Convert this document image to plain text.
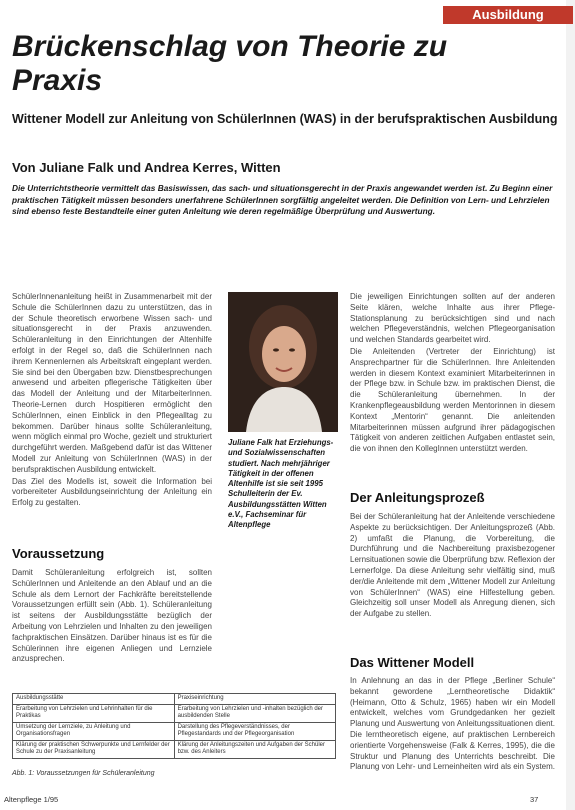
Ausbildung
Brückenschlag von Theorie zu Praxis

Wittener Modell zur Anleitung von SchülerInnen (WAS) in der berufspraktischen Ausbildung

Von Juliane Falk und Andrea Kerres, Witten

Die Unterrichtstheorie vermittelt das Basiswissen, das sach- und situationsgerecht in der Praxis angewandet werden ist. Zu Beginn einer praktischen Tätigkeit müssen besonders unerfahrene SchülerInnen sorgfältig angeleitet werden. Die Definition von Lern- und Lehrzielen sind ebenso feste Bestandteile einer guten Anleitung wie deren regelmäßige Überprüfung und Auswertung.

SchülerInnenanleitung heißt in Zusammenarbeit mit der Schule die SchülerInnen dazu zu unterstützen, das in der Schule theoretisch erworbene Wissen sach- und situationsgerecht in der Praxis anzuwenden. Schüleranleitung in den Einrichtungen der Altenhilfe erfolgt in der Regel so, daß die SchülerInnen nach ihrem Kennenlernen als Arbeitskraft eingeplant werden. Sie sind bei den Übergaben bzw. Dienstbesprechungen anwesend und arbeiten pflegerische Tätigkeiten über das Modell der Anleitung und der MitarbeiterInnen. Theorie-Lernen durch Hospitieren ermöglicht den SchülerInnen, einen Einblick in den Pflegealltag zu bekommen. Darüber hinaus sollte Schüleranleitung, wenn möglich einmal pro Woche, gezielt und strukturiert durchgeführt werden. Maßgebend dafür ist das Wittener Modell zur Anleitung von SchülerInnen (WAS) in der berufspraktischen Ausbildung entwickelt.

Das Ziel des Modells ist, soweit die Information bei vorbereiteter Ausbildungseinrichtung der Anleitung ein Erfolg zu gestalten.

Voraussetzung

Damit Schüleranleitung erfolgreich ist, sollten SchülerInnen und Anleitende an den Ablauf und an die Schule als dem Lernort der Fachkräfte bereitstellende Voraussetzungen erfüllt sein (Abb. 1). Schüleranleitung ist seitens der Ausbildungsstätte bezüglich der Arbeitung von Lehrzielen und Inhalten zu den jeweiligen fachpraktischen Einsätzen. Darüber hinaus ist es für die Schülerinnen ihre eigenen Anliegen und Lernziele anzusprechen.

Juliane Falk hat Erziehungs- und Sozialwissenschaften studiert. Nach mehrjähriger Tätigkeit in der offenen Altenhilfe ist sie seit 1995 Schulleiterin der Ev. Ausbildungsstätten Witten e.V., Fachseminar für Altenpflege

Die jeweiligen Einrichtungen sollten auf der anderen Seite klären, welche Inhalte aus ihrer Pflege-Stationsplanung zu berücksichtigen sind und nach welchen Pflegeverständnis, welchen Pflegeorganisation und welchen Standards gearbeitet wird.

Die Anleitenden (Vertreter der Einrichtung) ist Ansprechpartner für die SchülerInnen. Ihre Anleitenden werden in diesem Kontext examiniert Mitarbeiterinnen in der Pflege bzw. in Schule bzw. im praktischen Dienst, die die Schüleranleitung übernehmen. In der Krankenpflegeausbildung werden Mentorinnen in diesem Kontext „Mentorin“ genannt. Die anleitenden Mitarbeiterinnen müssen aufgrund ihrer pädagogischen Tätigkeit von anderen zeitlichen Aufgaben entlastet sein, die von ihnen den KollegInnen unterstützt werden.

Der Anleitungsprozeß

Bei der Schüleranleitung hat der Anleitende verschiedene Aspekte zu berücksichtigen. Der Anleitungsprozeß (Abb. 2) umfaßt die Planung, die Vorbereitung, die Durchführung und die Nachbereitung praxisbezogener Lernsituationen sowie die Überprüfung bzw. Reflexion der Lernerfolge. Da diese Anleitung sehr vielfältig sind, muß der/die Anleitende mit dem „Wittener Modell zur Anleitung von SchülerInnen“ (WAS) eine Hilfestellung geben. Gleichzeitig soll unser Modell als Anregung dienen, sich der Aufgabe zu stellen.

Das Wittener Modell

In Anlehnung an das in der Pflege „Berliner Schule“ bekannt gewordene „Lerntheoretische Didaktik“ (Heimann, Otto & Schulz, 1965) haben wir ein Modell entwickelt, welches vom Grundgedanken her gezielt Planung und Auswertung von Anleitungssituationen dient. Die lerntheoretisch eigene, auf praktischen Lernbereich orientierte Vorgehensweise (Falk & Kerres, 1995), die die Struktur und Planung des Unterrichts beschreibt. Die Planung von Lehr- und Lerneinheiten wird als ein System.

Ausbildungsstätte	Praxiseinrichtung
Erarbeitung von Lehrzielen und Lehrinhalten für die Praktikas	Erarbeitung von Lehrzielen und -inhalten bezüglich der ausbildenden Stelle
Umsetzung der Lernziele, zu Anleitung und Organisationsfragen	Darstellung des Pflegeverständnisses, der Pflegestandards und der Pflegeorganisation
Klärung der praktischen Schwerpunkte und Lernfelder der Schule zu der Praxisanleitung	Klärung der Anleitungszeiten und Aufgaben der Schüler bzw. des Anleiters

Abb. 1: Voraussetzungen für Schüleranleitung

Altenpflege 1/95	37
